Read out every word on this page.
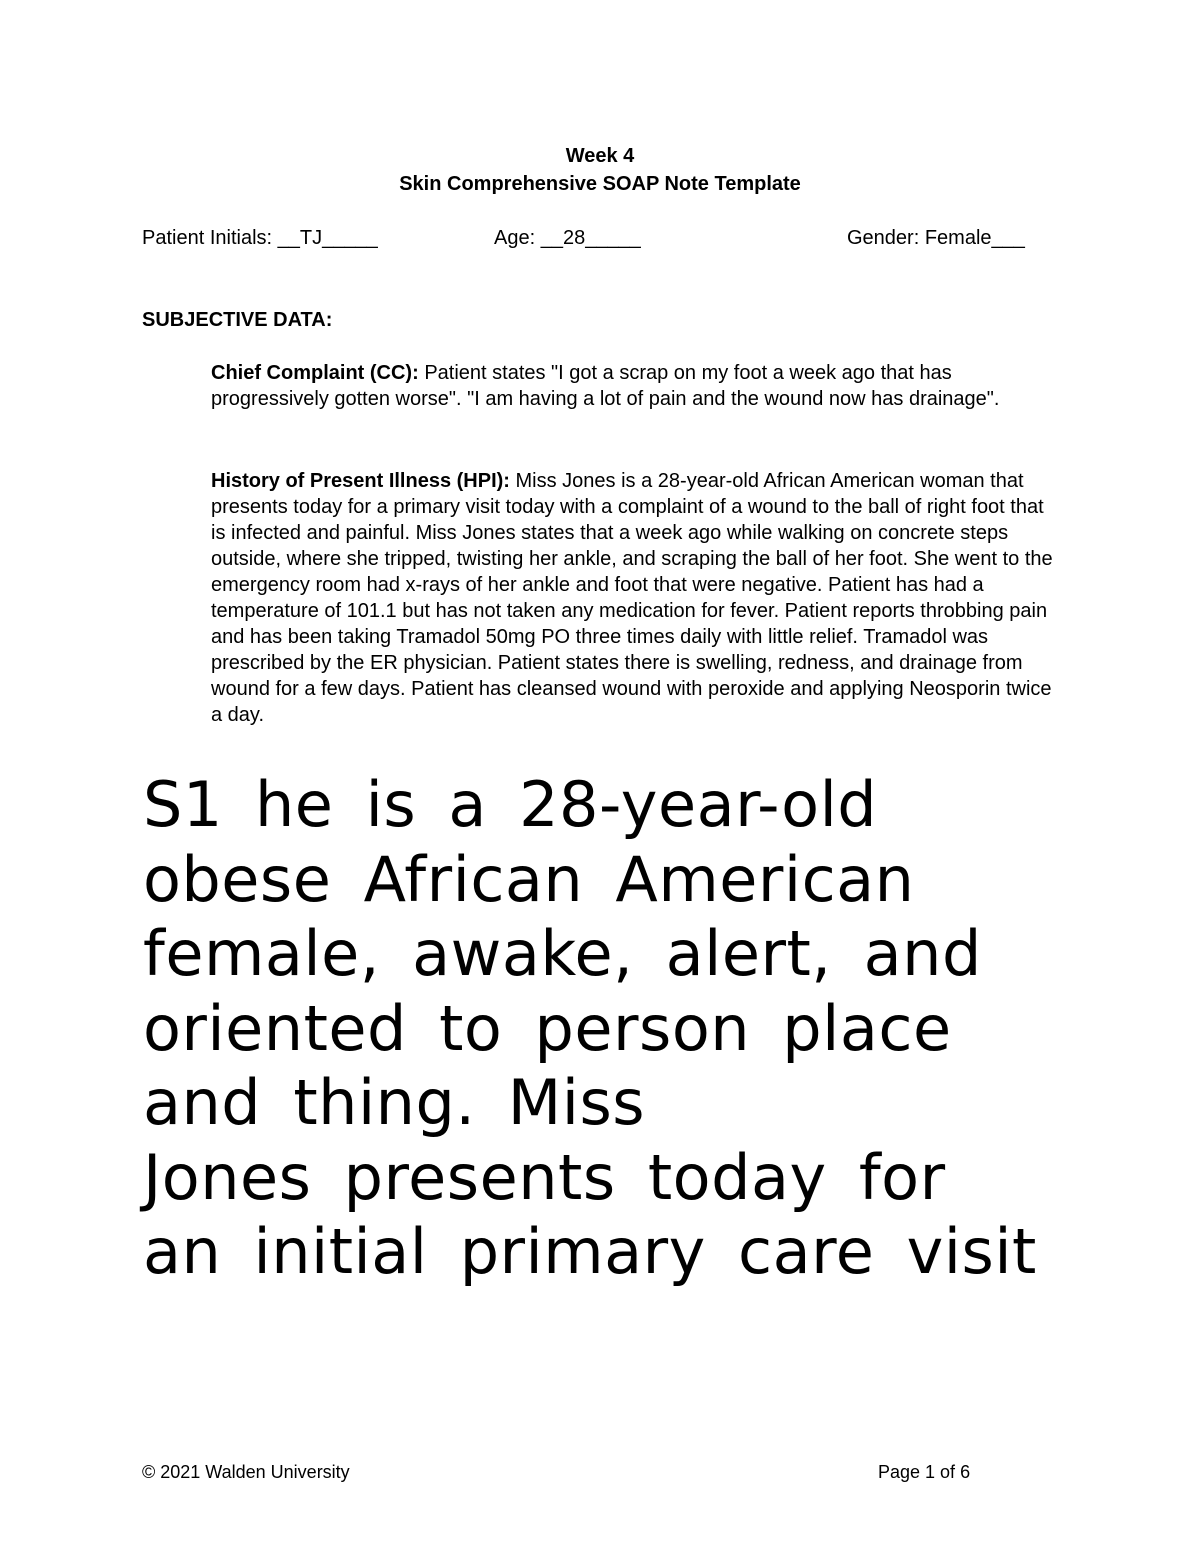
Week 4
Skin Comprehensive SOAP Note Template
Patient Initials: __TJ_____	Age: __28_____	Gender: Female___
SUBJECTIVE DATA:
Chief Complaint (CC): Patient states "I got a scrap on my foot a week ago that has progressively gotten worse". "I am having a lot of pain and the wound now has drainage".
History of Present Illness (HPI): Miss Jones is a 28-year-old African American woman that presents today for a primary visit today with a complaint of a wound to the ball of right foot that is infected and painful. Miss Jones states that a week ago while walking on concrete steps outside, where she tripped, twisting her ankle, and scraping the ball of her foot. She went to the emergency room had x-rays of her ankle and foot that were negative. Patient has had a temperature of 101.1 but has not taken any medication for fever. Patient reports throbbing pain and has been taking Tramadol 50mg PO three times daily with little relief. Tramadol was prescribed by the ER physician. Patient states there is swelling, redness, and drainage from wound for a few days. Patient has cleansed wound with peroxide and applying Neosporin twice a day.
S1 he is a 28-year-old
obese African American
female, awake, alert, and
oriented to person place
and thing. Miss
Jones presents today for
an initial primary care visit
© 2021 Walden University	Page 1 of 6
